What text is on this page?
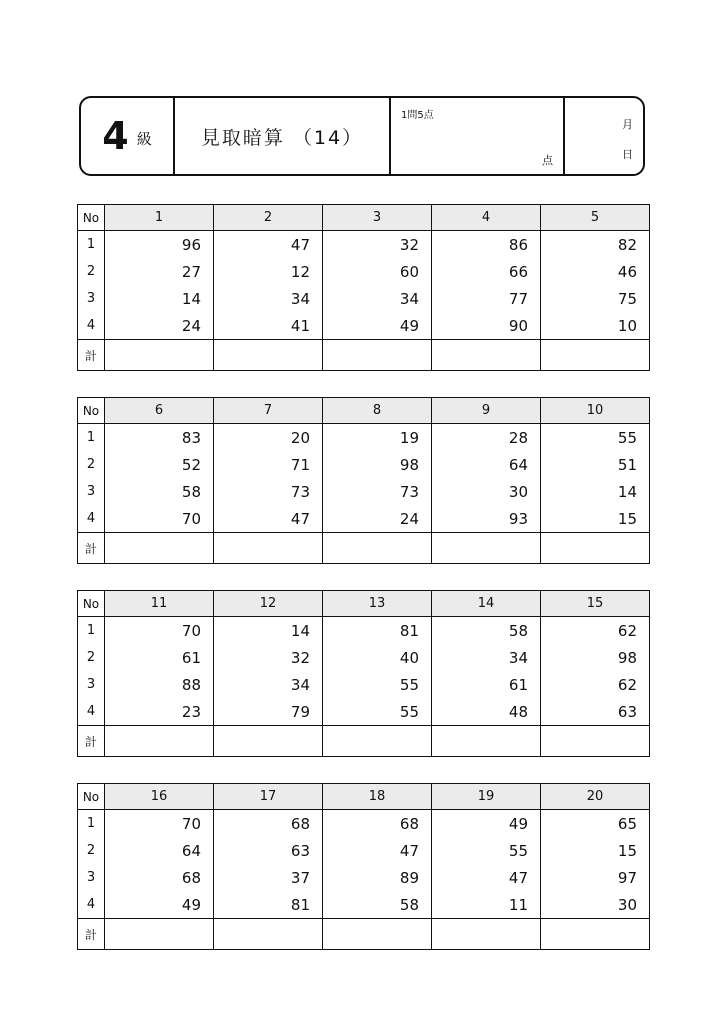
4 級	見取暗算 （14）
1問5点
点
月
日
No	1	2	3	4	5
1	96	47	32	86	82
2	27	12	60	66	46
3	14	34	34	77	75
4	24	41	49	90	10
計					
No	6	7	8	9	10
1	83	20	19	28	55
2	52	71	98	64	51
3	58	73	73	30	14
4	70	47	24	93	15
計					
No	11	12	13	14	15
1	70	14	81	58	62
2	61	32	40	34	98
3	88	34	55	61	62
4	23	79	55	48	63
計					
No	16	17	18	19	20
1	70	68	68	49	65
2	64	63	47	55	15
3	68	37	89	47	97
4	49	81	58	11	30
計					
